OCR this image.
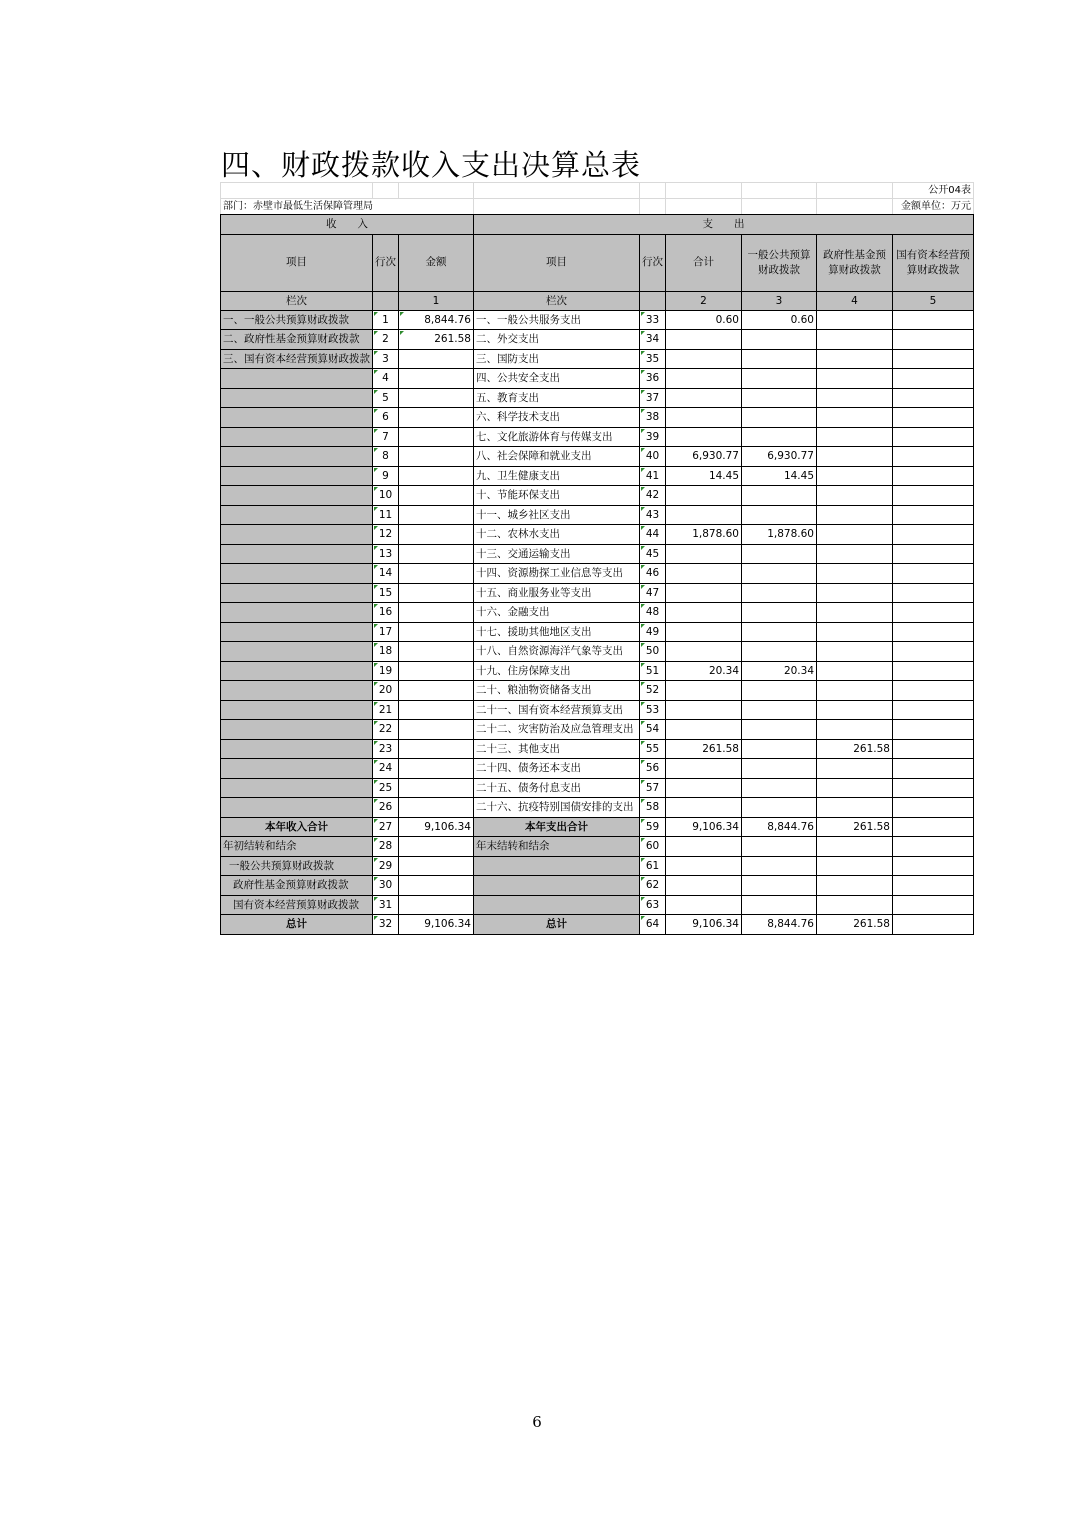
四、财政拨款收入支出决算总表
								公开04表
部门：赤壁市最低生活保障管理局								金额单位：万元
收　　入			支　　出					
项目	行次	金额	项目	行次	合计	一般公共预算财政拨款	政府性基金预算财政拨款	国有资本经营预算财政拨款
栏次		1	栏次		2	3	4	5
一、一般公共预算财政拨款	1	8,844.76	一、一般公共服务支出	33	0.60	0.60		
二、政府性基金预算财政拨款	2	261.58	二、外交支出	34				
三、国有资本经营预算财政拨款	3		三、国防支出	35				
	4		四、公共安全支出	36				
	5		五、教育支出	37				
	6		六、科学技术支出	38				
	7		七、文化旅游体育与传媒支出	39				
	8		八、社会保障和就业支出	40	6,930.77	6,930.77		
	9		九、卫生健康支出	41	14.45	14.45		
	10		十、节能环保支出	42				
	11		十一、城乡社区支出	43				
	12		十二、农林水支出	44	1,878.60	1,878.60		
	13		十三、交通运输支出	45				
	14		十四、资源勘探工业信息等支出	46				
	15		十五、商业服务业等支出	47				
	16		十六、金融支出	48				
	17		十七、援助其他地区支出	49				
	18		十八、自然资源海洋气象等支出	50				
	19		十九、住房保障支出	51	20.34	20.34		
	20		二十、粮油物资储备支出	52				
	21		二十一、国有资本经营预算支出	53				
	22		二十二、灾害防治及应急管理支出	54				
	23		二十三、其他支出	55	261.58		261.58	
	24		二十四、债务还本支出	56				
	25		二十五、债务付息支出	57				
	26		二十六、抗疫特别国债安排的支出	58				
本年收入合计	27	9,106.34	本年支出合计	59	9,106.34	8,844.76	261.58	
年初结转和结余	28		年末结转和结余	60				
一般公共预算财政拨款	29			61				
政府性基金预算财政拨款	30			62				
国有资本经营预算财政拨款	31			63				
总计	32	9,106.34	总计	64	9,106.34	8,844.76	261.58	
6
